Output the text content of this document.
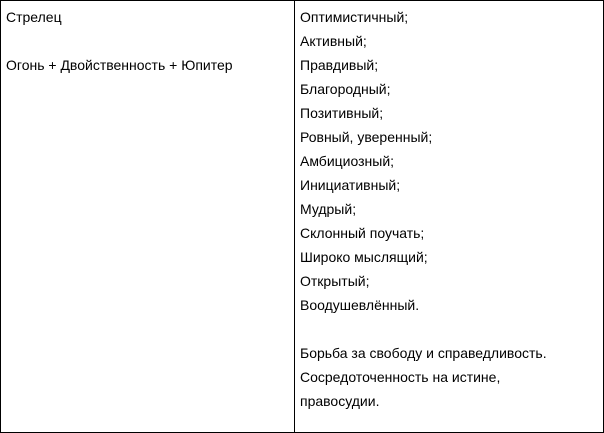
Стрелец
Огонь + Двойственность + Юпитер
Оптимистичный;
Активный;
Правдивый;
Благородный;
Позитивный;
Ровный, уверенный;
Амбициозный;
Инициативный;
Мудрый;
Склонный поучать;
Широко мыслящий;
Открытый;
Воодушевлённый.
Борьба за свободу и справедливость.
Сосредоточенность на истине,
правосудии.
